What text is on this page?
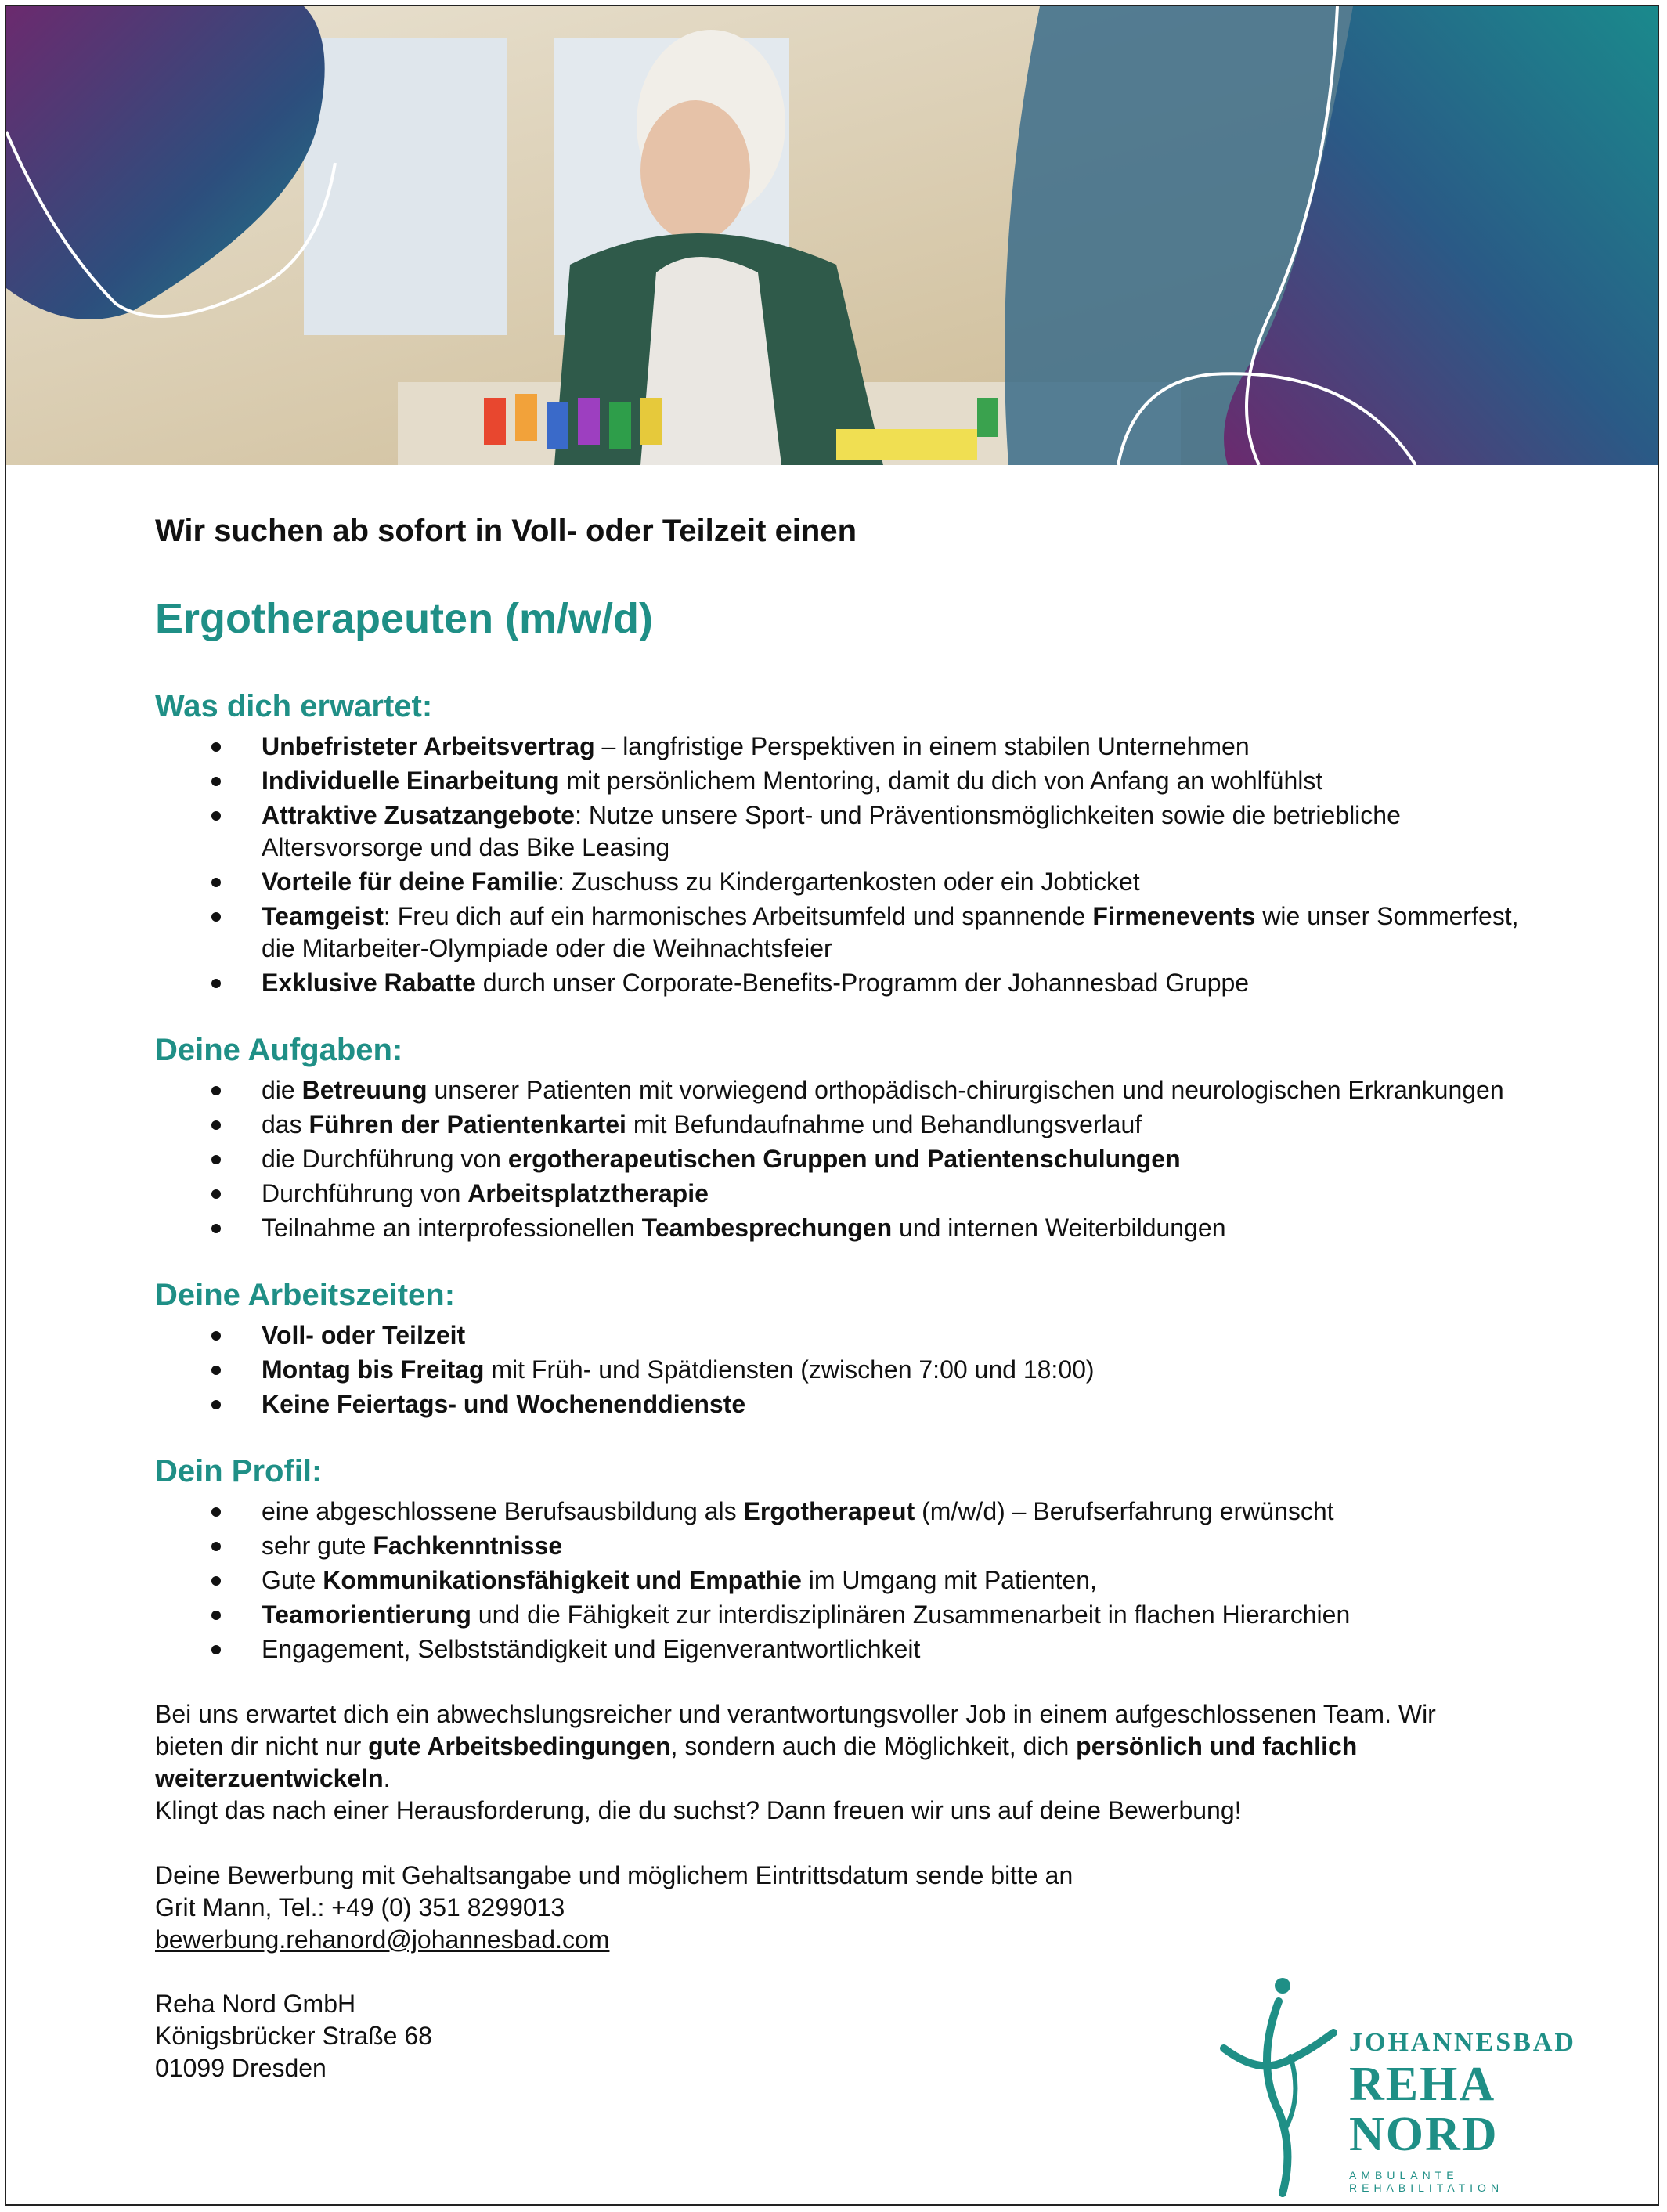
Wir suchen ab sofort in Voll- oder Teilzeit einen

Ergotherapeuten (m/w/d)
Was dich erwartet:
Unbefristeter Arbeitsvertrag – langfristige Perspektiven in einem stabilen Unternehmen
Individuelle Einarbeitung mit persönlichem Mentoring, damit du dich von Anfang an wohlfühlst
Attraktive Zusatzangebote: Nutze unsere Sport- und Präventionsmöglichkeiten sowie die betriebliche Altersvorsorge und das Bike Leasing
Vorteile für deine Familie: Zuschuss zu Kindergartenkosten oder ein Jobticket
Teamgeist: Freu dich auf ein harmonisches Arbeitsumfeld und spannende Firmenevents wie unser Sommerfest, die Mitarbeiter-Olympiade oder die Weihnachtsfeier
Exklusive Rabatte durch unser Corporate-Benefits-Programm der Johannesbad Gruppe
Deine Aufgaben:
die Betreuung unserer Patienten mit vorwiegend orthopädisch-chirurgischen und neurologischen Erkrankungen
das Führen der Patientenkartei mit Befundaufnahme und Behandlungsverlauf
die Durchführung von ergotherapeutischen Gruppen und Patientenschulungen
Durchführung von Arbeitsplatztherapie
Teilnahme an interprofessionellen Teambesprechungen und internen Weiterbildungen
Deine Arbeitszeiten:
Voll- oder Teilzeit
Montag bis Freitag mit Früh- und Spätdiensten (zwischen 7:00 und 18:00)
Keine Feiertags- und Wochenenddienste
Dein Profil:
eine abgeschlossene Berufsausbildung als Ergotherapeut (m/w/d) – Berufserfahrung erwünscht
sehr gute Fachkenntnisse
Gute Kommunikationsfähigkeit und Empathie im Umgang mit Patienten,
Teamorientierung und die Fähigkeit zur interdisziplinären Zusammenarbeit in flachen Hierarchien
Engagement, Selbstständigkeit und Eigenverantwortlichkeit

Bei uns erwartet dich ein abwechslungsreicher und verantwortungsvoller Job in einem aufgeschlossenen Team. Wir bieten dir nicht nur gute Arbeitsbedingungen, sondern auch die Möglichkeit, dich persönlich und fachlich weiterzuentwickeln.

Klingt das nach einer Herausforderung, die du suchst? Dann freuen wir uns auf deine Bewerbung!

Deine Bewerbung mit Gehaltsangabe und möglichem Eintrittsdatum sende bitte an
Grit Mann, Tel.: +49 (0) 351 8299013
bewerbung.rehanord@johannesbad.com
Reha Nord GmbH
Königsbrücker Straße 68
01099 Dresden
JOHANNESBAD
REHA NORD
AMBULANTE REHABILITATION
